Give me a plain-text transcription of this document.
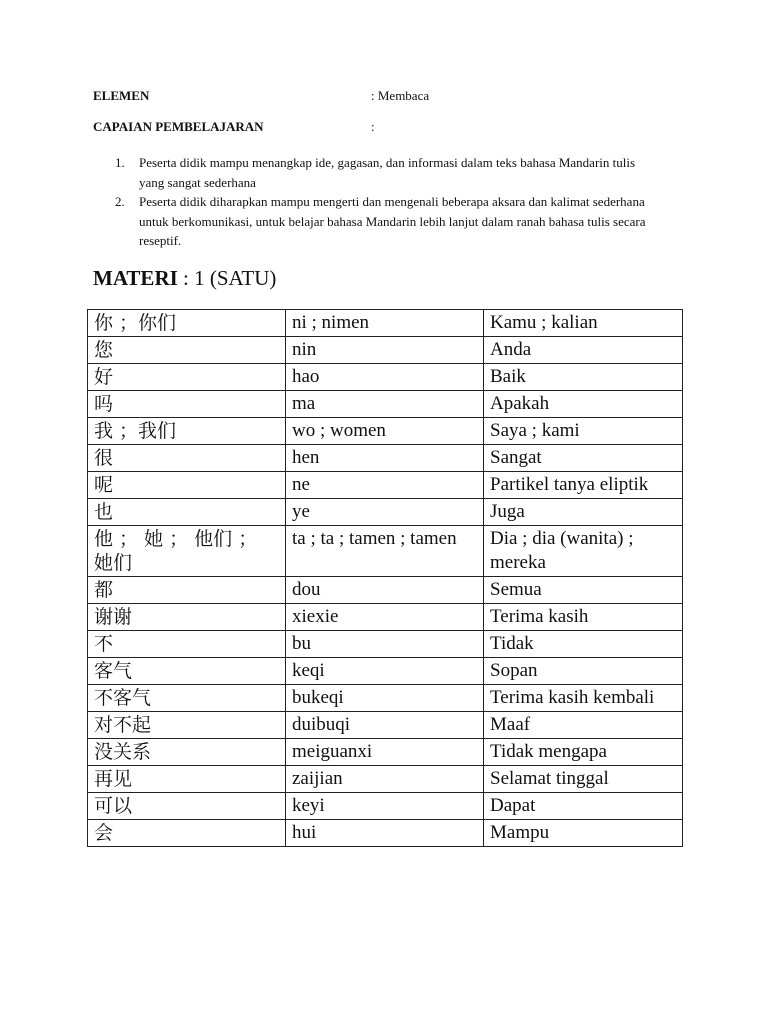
ELEMEN	: Membaca
CAPAIAN PEMBELAJARAN	:
1. Peserta didik mampu menangkap ide, gagasan, dan informasi dalam teks bahasa Mandarin tulis yang sangat sederhana
2. Peserta didik diharapkan mampu mengerti dan mengenali beberapa aksara dan kalimat sederhana untuk berkomunikasi, untuk belajar bahasa Mandarin lebih lanjut dalam ranah bahasa tulis secara reseptif.
MATERI : 1 (SATU)
你 ；你们	ni ; nimen	Kamu ; kalian
您	nin	Anda
好	hao	Baik
吗	ma	Apakah
我 ；我们	wo ; women	Saya ; kami
很	hen	Sangat
呢	ne	Partikel tanya eliptik
也	ye	Juga
他 ； 她 ； 他们 ； 她们	ta ; ta ; tamen ; tamen	Dia ; dia (wanita) ; mereka
都	dou	Semua
谢谢	xiexie	Terima kasih
不	bu	Tidak
客气	keqi	Sopan
不客气	bukeqi	Terima kasih kembali
对不起	duibuqi	Maaf
没关系	meiguanxi	Tidak mengapa
再见	zaijian	Selamat tinggal
可以	keyi	Dapat
会	hui	Mampu
